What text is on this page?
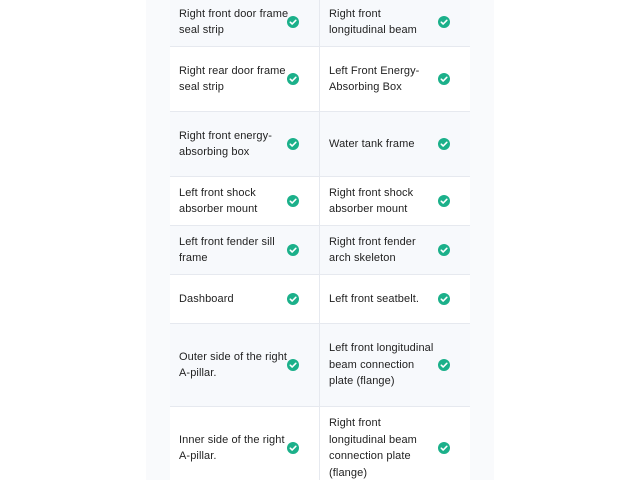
Right front door frame seal strip
Right front longitudinal beam
Right rear door frame seal strip
Left Front Energy-Absorbing Box
Right front energy-absorbing box
Water tank frame
Left front shock absorber mount
Right front shock absorber mount
Left front fender sill frame
Right front fender arch skeleton
Dashboard	Left front seatbelt.
Outer side of the right A-pillar.
Left front longitudinal beam connection plate (flange)
Inner side of the right A-pillar.
Right front longitudinal beam connection plate (flange)
